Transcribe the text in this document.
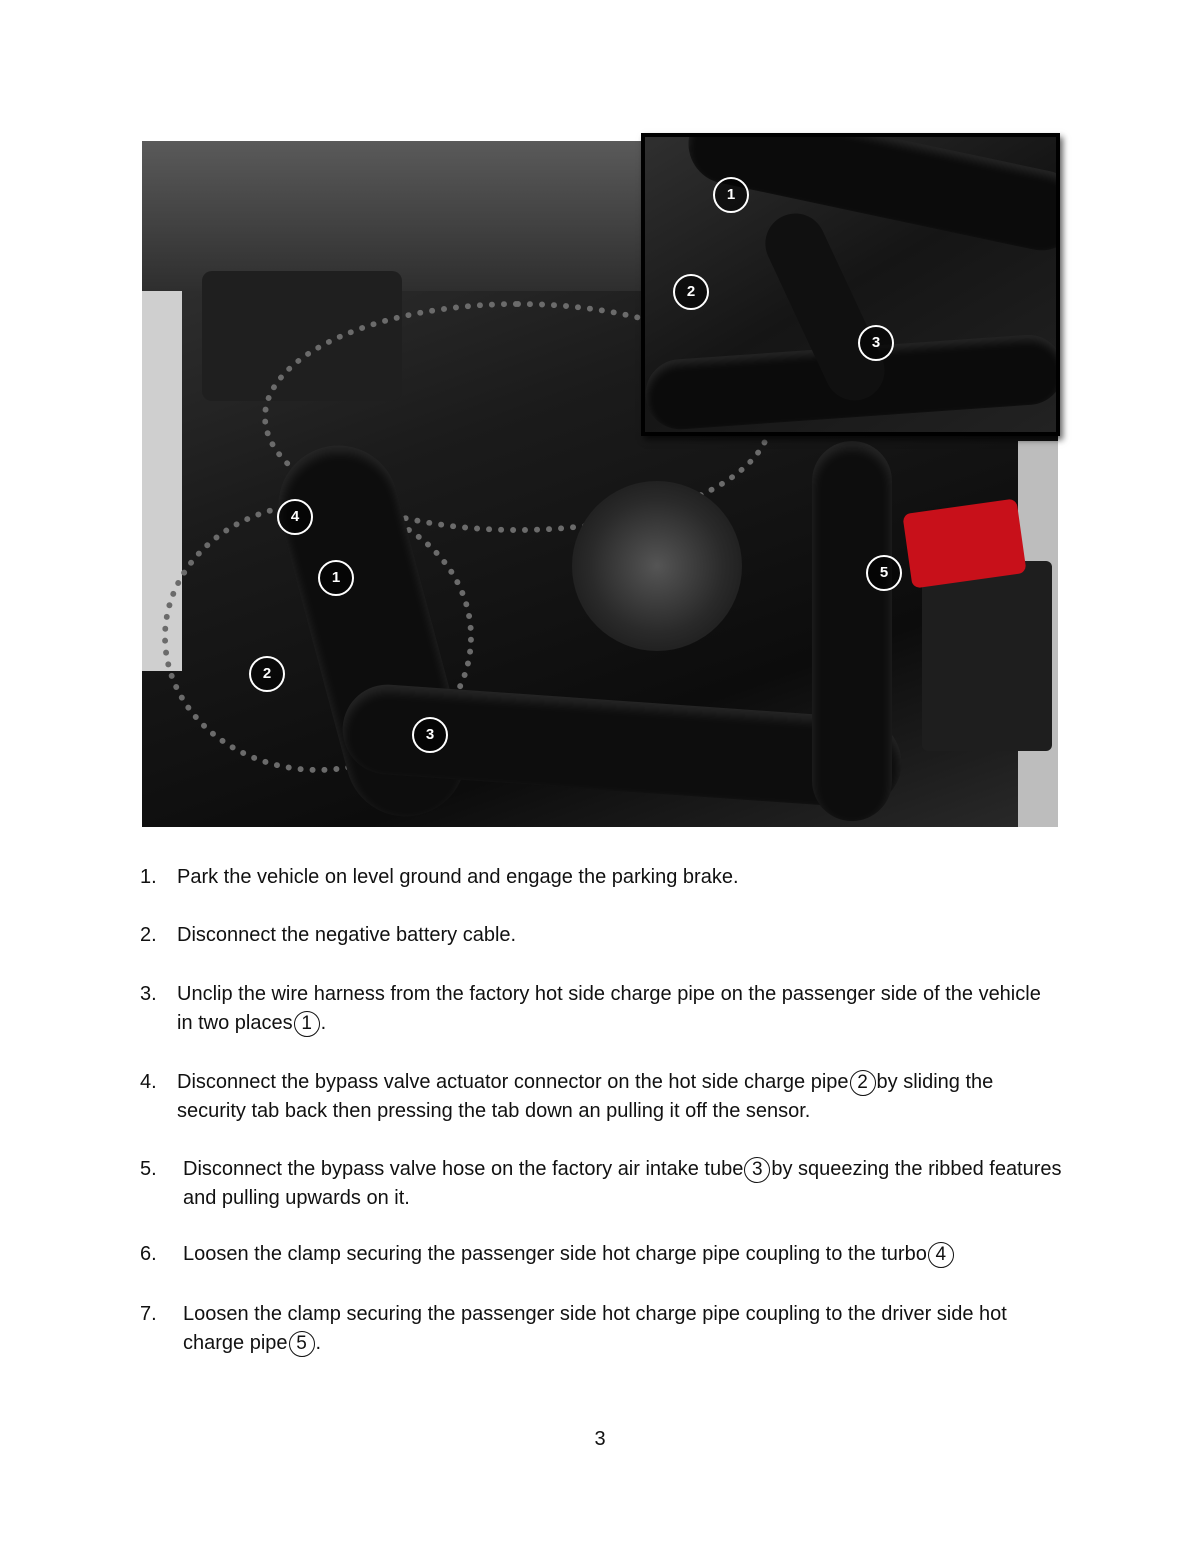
4
1
2
3
5
1
2
3
1. Park the vehicle on level ground and engage the parking brake.
2. Disconnect the negative battery cable.
3. Unclip the wire harness from the factory hot side charge pipe on the passenger side of the vehicle in two places 1 .
4. Disconnect the bypass valve actuator connector on the hot side charge pipe 2 by sliding the security tab back then pressing the tab down an pulling it off the sensor.
5. Disconnect the bypass valve hose on the factory air intake tube 3 by squeezing the ribbed features and pulling upwards on it.
6. Loosen the clamp securing the passenger side hot charge pipe coupling to the turbo 4
7. Loosen the clamp securing the passenger side hot charge pipe coupling to the driver side hot charge pipe 5 .
3
